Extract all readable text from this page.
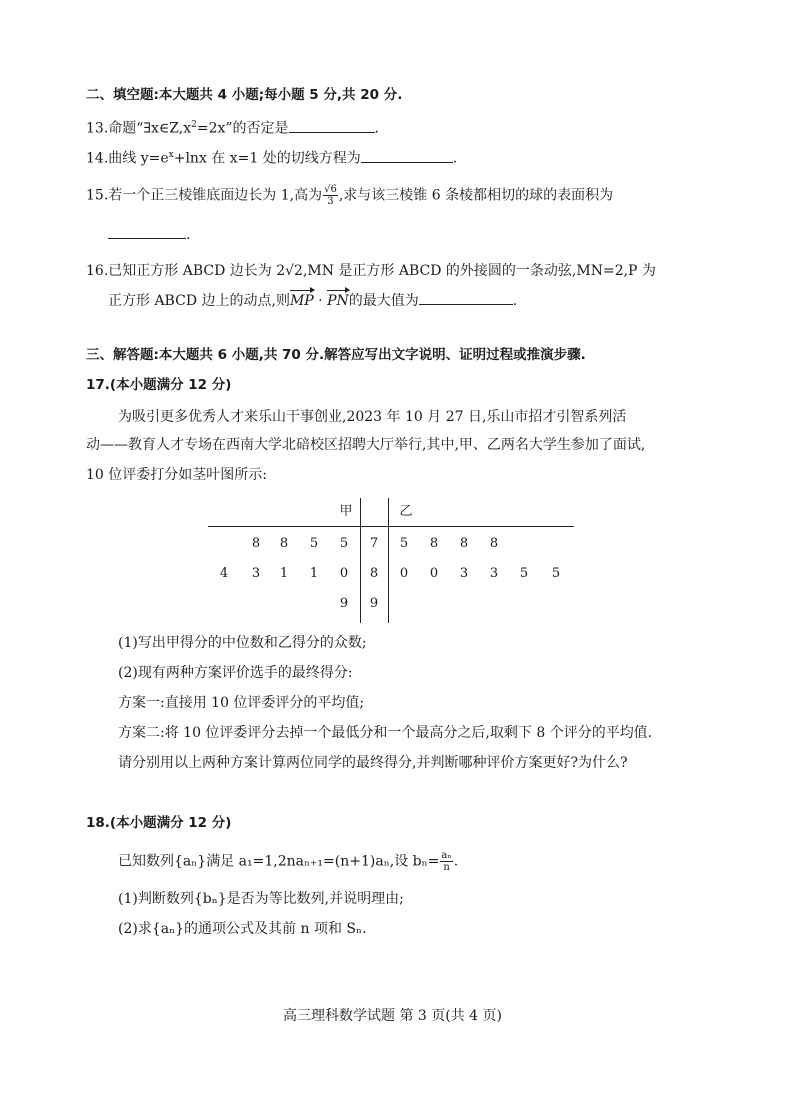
二、填空题:本大题共 4 小题;每小题 5 分,共 20 分.
13.命题“$\exists x\in Z,x^2=2x$”的否定是	.
14.曲线 $y=e^x+\ln x$ 在 x=1 处的切线方程为	.
15.若一个正三棱锥底面边长为 1,高为 $\frac{√6}{3}$ ,求与该三棱锥 6 条棱都相切的球的表面积为
.
16.已知正方形 ABCD 边长为 2√2,MN 是正方形 ABCD 的外接圆的一条动弦,MN=2,P 为
正方形 ABCD 边上的动点,则MP · PN的最大值为	.
三、解答题:本大题共 6 小题,共 70 分.解答应写出文字说明、证明过程或推演步骤.
17.(本小题满分 12 分)
为吸引更多优秀人才来乐山干事创业,2023 年 10 月 27 日,乐山市招才引智系列活
动——教育人才专场在西南大学北碚校区招聘大厅举行,其中,甲、乙两名大学生参加了面试,
10 位评委打分如茎叶图所示:
甲	乙
8	8	5	5	7	5	8	8	8
4	3	1	1	0	8	0	0	3	3	5	5
9	9
(1)写出甲得分的中位数和乙得分的众数;
(2)现有两种方案评价选手的最终得分:
方案一:直接用 10 位评委评分的平均值;
方案二:将 10 位评委评分去掉一个最低分和一个最高分之后,取剩下 8 个评分的平均值.
请分别用以上两种方案计算两位同学的最终得分,并判断哪种评价方案更好?为什么?
18.(本小题满分 12 分)
已知数列{aₙ}满足 a₁=1,2naₙ₊₁=(n+1)aₙ,设 $b_n= \frac{\text{aₙ}}{n}$ .
(1)判断数列{bₙ}是否为等比数列,并说明理由;
(2)求{aₙ}的通项公式及其前 n 项和 Sₙ.
高三理科数学试题 第 3 页(共 4 页)
